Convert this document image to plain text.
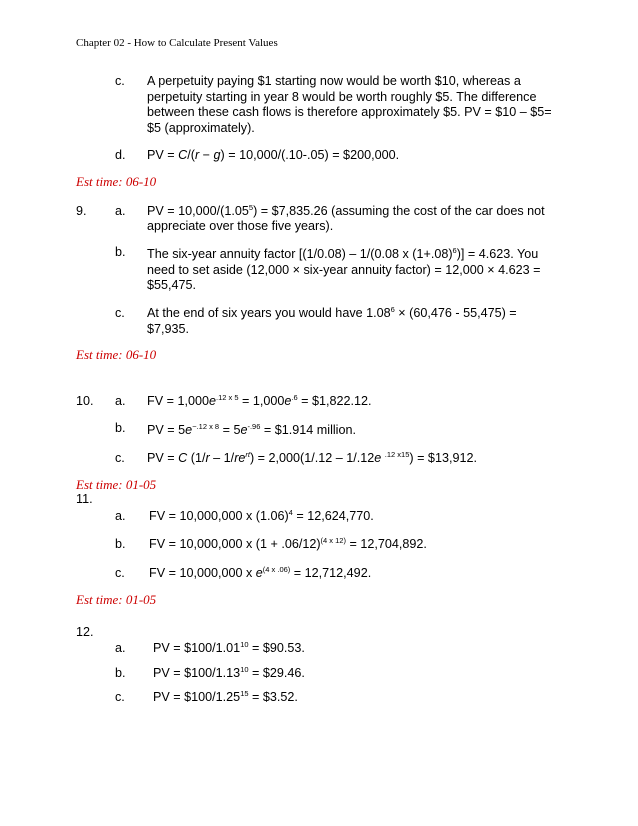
Chapter 02 - How to Calculate Present Values
c. A perpetuity paying $1 starting now would be worth $10, whereas a
perpetuity starting in year 8 would be worth roughly $5. The difference
between these cash flows is therefore approximately $5. PV = $10 – $5=
$5 (approximately).
d. PV = C/(r − g) = 10,000/(.10-.05) = $200,000.
Est time: 06-10
9. a. PV = $10,000/(1.05^5)$ = $7,835.26 (assuming the cost of the car does not
appreciate over those five years).
b. The six-year annuity factor [(1/0.08) – 1/(0.08 x $(1+.08)^6)] = 4.623$. You
need to set aside (12,000 × six-year annuity factor) = 12,000 × 4.623 =
$55,475.
c. At the end of six years you would have $1.08^6 \times (60,476 - 55,475)$ =
$7,935.
Est time: 06-10
10. a. FV = $1,000e^{.12 x 5} = 1,000e^{.6}$ = $1,822.12.
b. PV = $5e^{-.12 x 8} = 5e^{-.96}$ = $1.914 million.
c. PV = C $(1/r - 1/re^{rt}) = 2,000(1/.12 - 1/.12e$ $^{.12 x15}$) = $13,912.
Est time: 01-05
11.
a. FV = 10,000,000 x $(1.06)^4 = 12,624,770$.
b. FV = 10,000,000 x $(1 + .06/12)^{(4 x 12)} = 12,704,892$.
c. FV = 10,000,000 x $e^{(4 x .06)} = 12,712,492$.
Est time: 01-05
12.
a. PV = $\$100/1.01^{10}$ = $90.53.
b. PV = $\$100/1.13^{10}$ = $29.46.
c. PV = $\$100/1.25^{15}$ = $3.52.
